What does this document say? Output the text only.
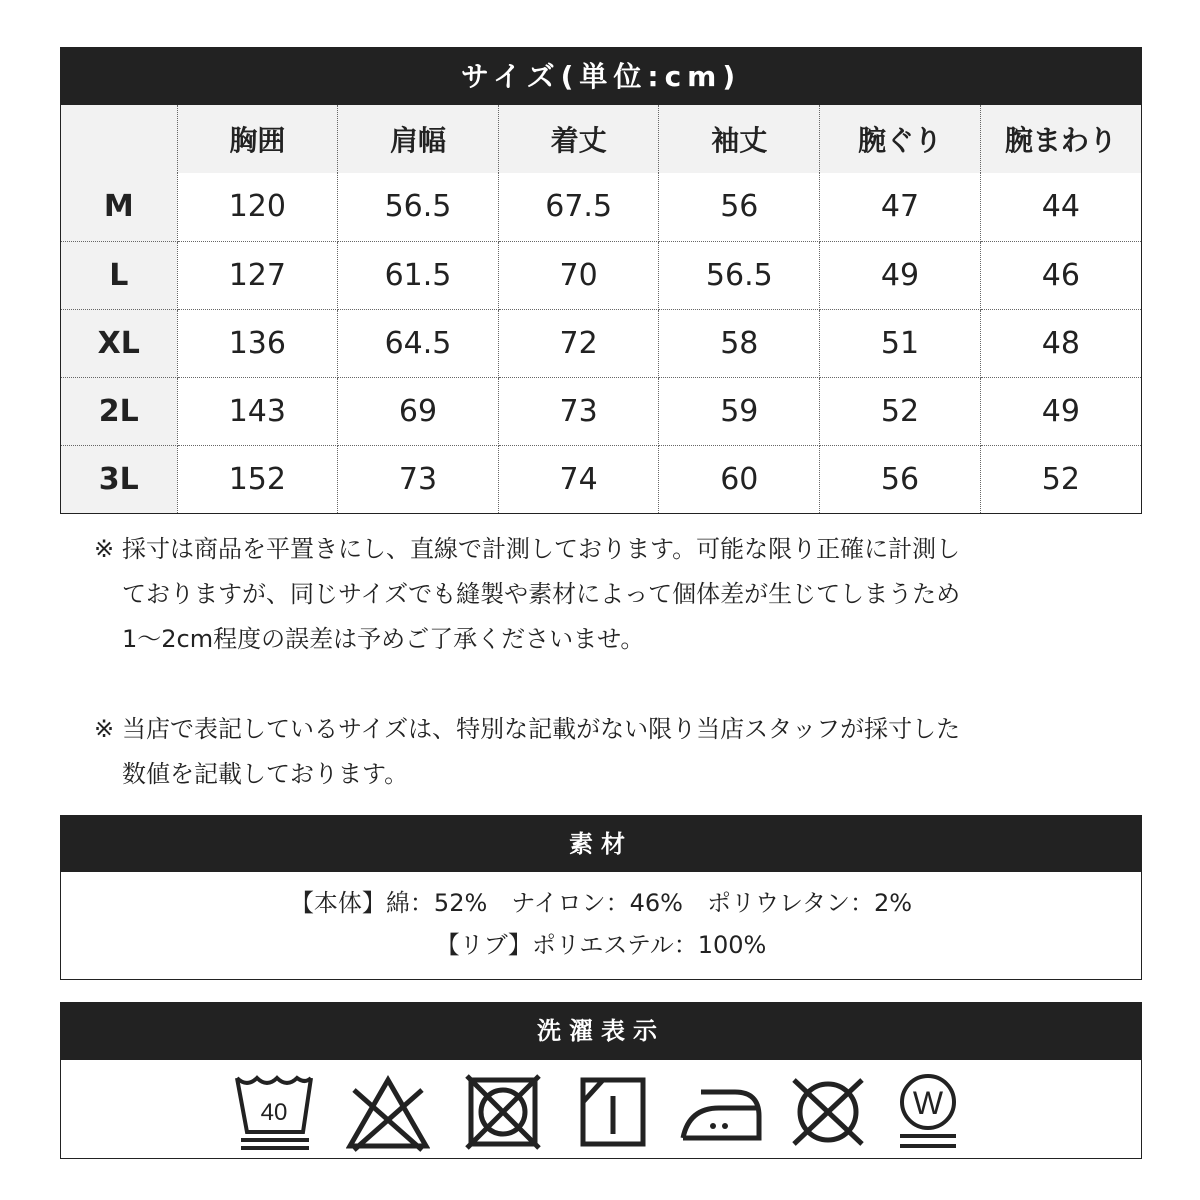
サイズ(単位:cm)
	胸囲	肩幅	着丈	袖丈	腕ぐり	腕まわり
M	120	56.5	67.5	56	47	44
L	127	61.5	70	56.5	49	46
XL	136	64.5	72	58	51	48
2L	143	69	73	59	52	49
3L	152	73	74	60	56	52
※ 採寸は商品を平置きにし、直線で計測しております。可能な限り正確に計測し
ておりますが、同じサイズでも縫製や素材によって個体差が生じてしまうため
1～2cm程度の誤差は予めご了承くださいませ。
※ 当店で表記しているサイズは、特別な記載がない限り当店スタッフが採寸した
数値を記載しております。
素材
【本体】綿：52%　ナイロン：46%　ポリウレタン：2%
【リブ】ポリエステル：100%
洗濯表示
40	W
